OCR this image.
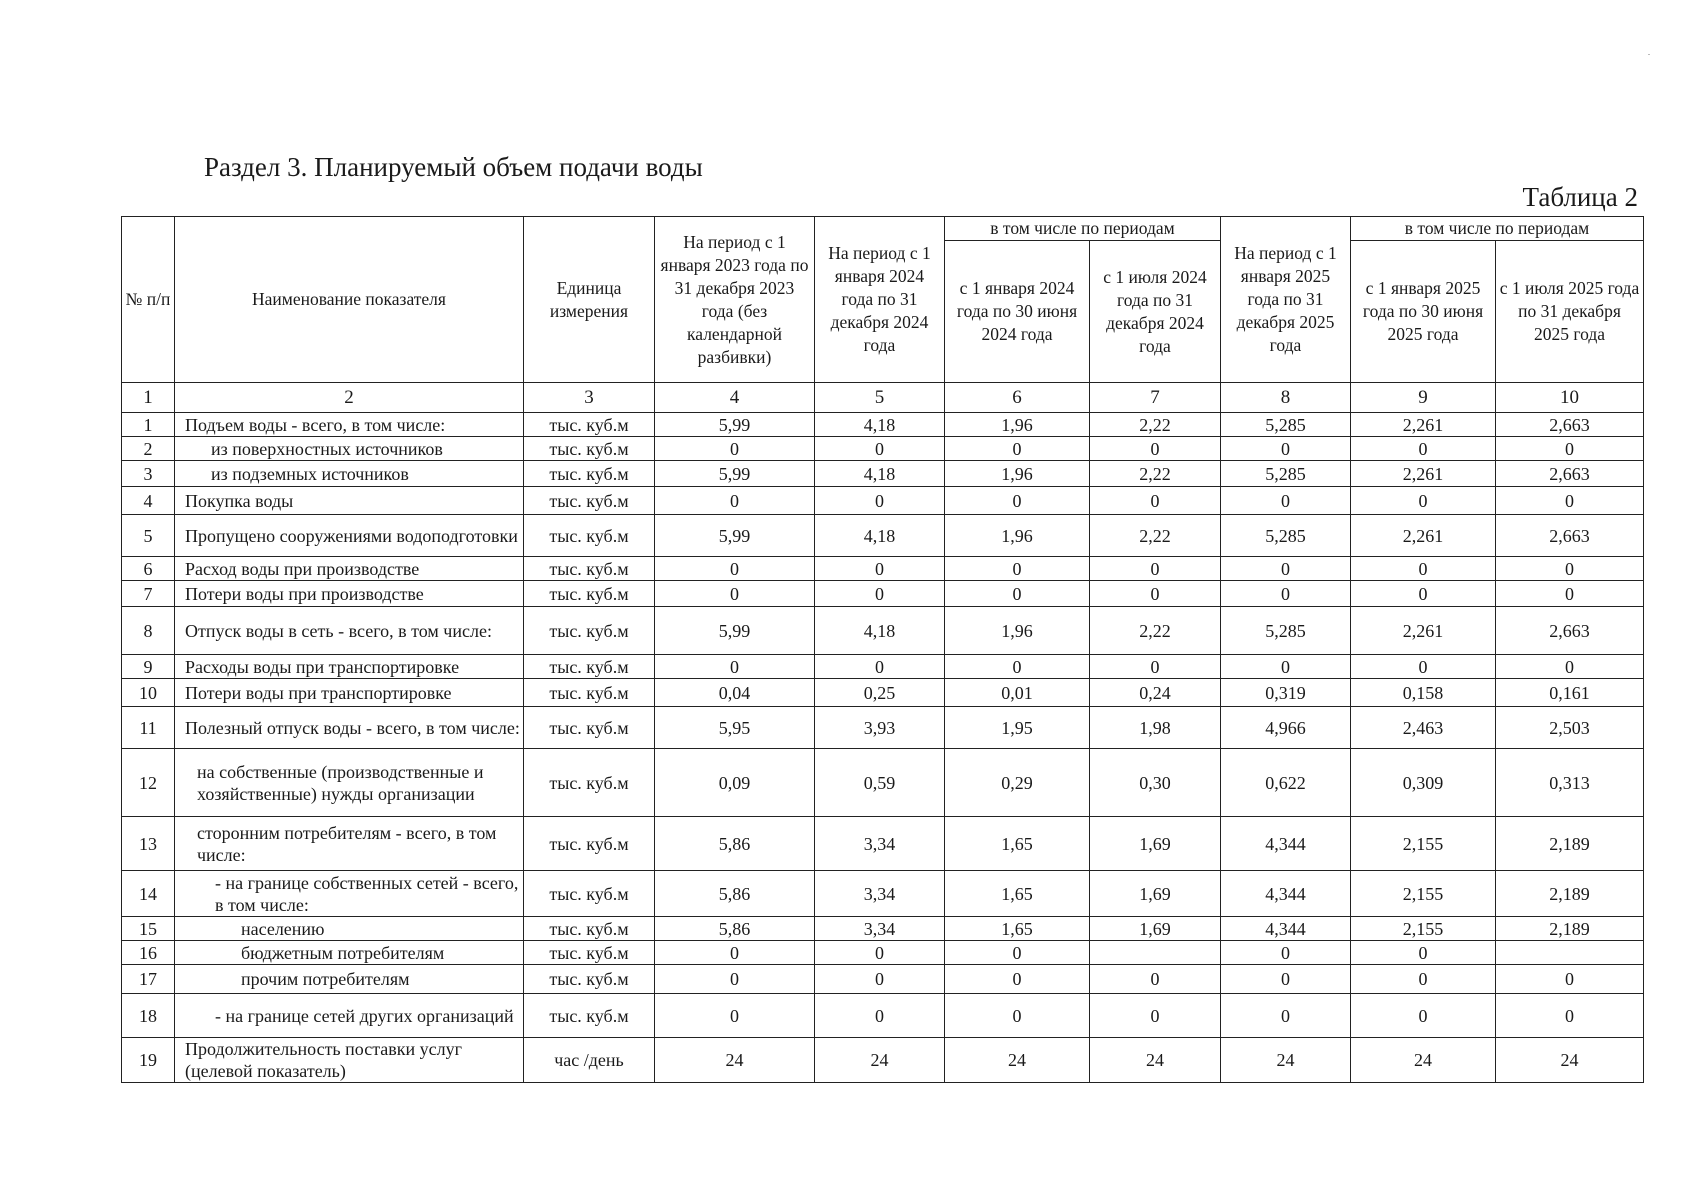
Раздел 3. Планируемый объем подачи воды
Таблица 2
№ п/п	Наименование показателя	Единица измерения	На период с 1 января 2023 года по 31 декабря 2023 года (без календарной разбивки)	На период с 1 января 2024 года по 31 декабря 2024 года	в том числе по периодам		На период с 1 января 2025 года по 31 декабря 2025 года	в том числе по периодам	
					с 1 января 2024 года по 30 июня 2024 года	с 1 июля 2024 года по 31 декабря 2024 года		с 1 января 2025 года по 30 июня 2025 года	с 1 июля 2025 года по 31 декабря 2025 года
1	2	3	4	5	6	7	8	9	10
1	Подъем воды - всего, в том числе:	тыс. куб.м	5,99	4,18	1,96	2,22	5,285	2,261	2,663
2	из поверхностных источников	тыс. куб.м	0	0	0	0	0	0	0
3	из подземных источников	тыс. куб.м	5,99	4,18	1,96	2,22	5,285	2,261	2,663
4	Покупка воды	тыс. куб.м	0	0	0	0	0	0	0
5	Пропущено сооружениями водоподготовки	тыс. куб.м	5,99	4,18	1,96	2,22	5,285	2,261	2,663
6	Расход воды при производстве	тыс. куб.м	0	0	0	0	0	0	0
7	Потери воды при производстве	тыс. куб.м	0	0	0	0	0	0	0
8	Отпуск воды в сеть - всего, в том числе:	тыс. куб.м	5,99	4,18	1,96	2,22	5,285	2,261	2,663
9	Расходы воды при транспортировке	тыс. куб.м	0	0	0	0	0	0	0
10	Потери воды при транспортировке	тыс. куб.м	0,04	0,25	0,01	0,24	0,319	0,158	0,161
11	Полезный отпуск воды - всего, в том числе:	тыс. куб.м	5,95	3,93	1,95	1,98	4,966	2,463	2,503
12	на собственные (производственные и хозяйственные) нужды организации	тыс. куб.м	0,09	0,59	0,29	0,30	0,622	0,309	0,313
13	сторонним потребителям - всего, в том числе:	тыс. куб.м	5,86	3,34	1,65	1,69	4,344	2,155	2,189
14	- на границе собственных сетей - всего, в том числе:	тыс. куб.м	5,86	3,34	1,65	1,69	4,344	2,155	2,189
15	населению	тыс. куб.м	5,86	3,34	1,65	1,69	4,344	2,155	2,189
16	бюджетным потребителям	тыс. куб.м	0	0	0		0	0	
17	прочим потребителям	тыс. куб.м	0	0	0	0	0	0	0
18	- на границе сетей других организаций	тыс. куб.м	0	0	0	0	0	0	0
19	Продолжительность поставки услуг (целевой показатель)	час /день	24	24	24	24	24	24	24
